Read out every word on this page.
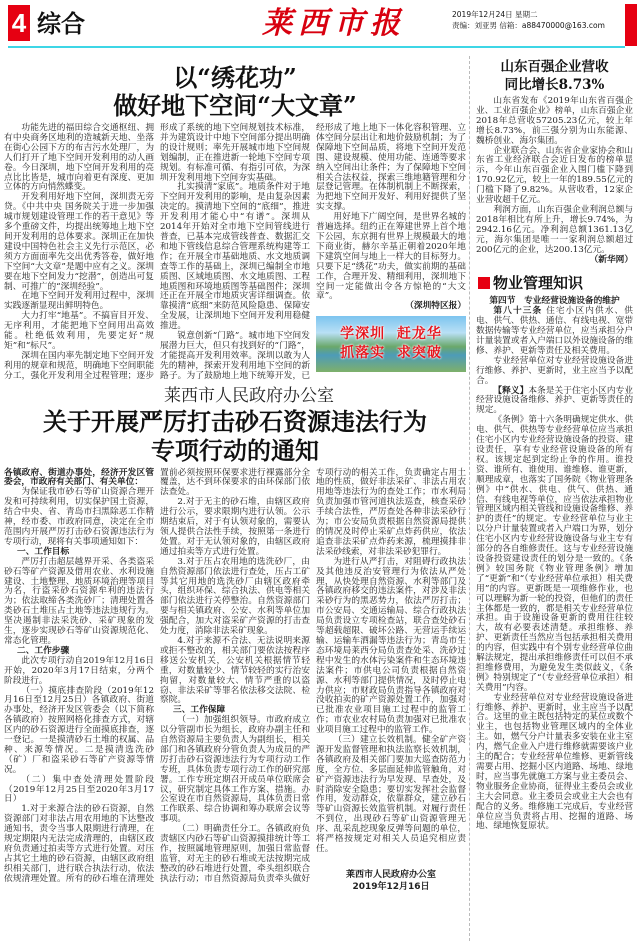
4 综合	莱西市报	2019年12月24日 星期二
责编：刘亚男 信箱：a88470000@163.com
以“绣花功”
做好地下空间“大文章”

功能先进的福田综合交通枢纽、拥有中央商务区地利的造城新天地、坐落在街心公园下方的布吉污水处理厂，为人们打开了地下空间开发利用的动人画卷。今日深圳，地下空间开发利用的亮点比比皆是，城市向着更有深度、更加立体的方向悄然蝶变。

开发利用好地下空间，深圳责无旁贷。《中共中央 国务院关于进一步加强城市规划建设管理工作的若干意见》等多个重磅文件，均提出统筹地上地下空间开发利用的总体要求。深圳正在加快建设中国特色社会主义先行示范区，必须方方面面率先交出优秀答卷，做好地下空间“大文章”是题中应有之义。深圳要在地下空间发力“挖潜”，创造出可复制、可推广的“深圳经验”。

在地下空间开发利用过程中，深圳实践逐渐显现出鲜明特色。

大力打牢“地基”。不搞盲目开发、无序利用，才能把地下空间用出高效能。杜绝低效利用，先要定好“规矩”和“标尺”。

深圳在国内率先制定地下空间开发利用的规章和规范，明确地下空间职能分工，强化开发利用全过程管理；逐步形成了系统的地下空间规划技术标准，并为建筑设计中地下空间部分提出明确的设计规则；率先开展城市地下空间规划编制，正在推进新一轮地下空间专项规划。有标准可循、有指引可依，为深圳开发利用地下空间夯实基础。

扎实摸清“家底”。地质条件对于地下空间开发利用的影响，是由复杂因素决定的。摸清地下空间的“底细”，推进开发利用才能心中“有谱”。深圳从2014年开始对全市地下空间管线进行普查，已基本完成管线普查、数据汇交和地下管线信息综合管理系统构建等工作；在开展全市基础地质、水文地质调查等工作的基础上，深圳已编制全市地质图、区域地质图、水文地质图、工程地质图和环境地质图等基础图件；深圳还正在开展全市地质灾害详细调查。依靠摸清“底细”来防范风险隐患、保障安全发展，让深圳地下空间开发利用稳健推进。

锐意创新“门路”。城市地下空间发展潜力巨大，但只有找到好的“门路”，才能提高开发利用效率。深圳以敢为人先的精神，探索开发利用地下空间的新路子。为了鼓励地上地下统筹开发，已经形成了地上地下一体化容积管理、立体空间分层出让和地价鼓励机制；为了保障地下空间品质，将地下空间开发范围、建设规模、使用功能、连通等要求纳入空间出让条件；为了保障地下空间相关合法权益，探索三维地籍管理和分层登记管理。在体制机制上不断探索，为把地下空间开发好、利用好提供了坚实支撑。

用好地下广阔空间，是世界名城的普遍选择。纽约正在筹建世界上首个地下公园，东京拥有世界上规模最大的地下商业街，赫尔辛基正朝着2020年地下建筑空间与地上一样大的目标努力。只要下足“绣花”功夫，做实前期的基础工作，合理开发、精细利用，深圳地下空间一定能做出令各方惊艳的“大文章”。

（深圳特区报）

学深圳  赶龙华
抓落实  求突破
莱西市人民政府办公室
关于开展严厉打击砂石资源违法行为
专项行动的通知

各镇政府、街道办事处，经济开发区管委会，市政府有关部门、有关单位：

为保证我市砂石等矿山资源合理开发和可持续利用，切实保护国土资源，结合中央、省、青岛市扫黑除恶工作精神，经市委、市政府同意，决定在全市范围内开展严厉打击砂石资源违法行为专项行动，现将有关事项通知如下：

一、工作目标

严厉打击超层越界开采、各类盗采砂石等矿产资源及借用农业、水利设施建设、土地整理、地质环境治理等项目为名，行盗采砂石资源牟利的违法行为；依法取缔各类洗砂厂；清理处置各类砂石土堆压占土地等违法违规行为。坚决遏制非法采洗砂、采矿现象的发生，逐步实现砂石等矿山资源规范化、常态化管理。

二、工作步骤

此次专项行动自2019年12月16日开始，2020年3月17日结束，分两个阶段进行。

（一）摸底排查阶段（2019年12月16日至12月25日）各镇政府、街道办事处，经济开发区管委会（以下简称各镇政府）按照网格化排查方式，对辖区内的砂石资源进行全面摸底排查，逐一登记。一是摸清砂石土堆的权属、品种、来源等情况。二是摸清选洗砂（矿）厂和盗采砂石等矿产资源等情况。

（二）集中查处清理处置阶段（2019年12月25日至2020年3月17日）

1.对于来源合法的砂石资源，自然资源部门对非法占用农用地的下达整改通知书，责令当事人限期进行清理，在规定期限内无法完成清理的，由辖区政府负责通过拍卖等方式进行处置。对压占其它土地的砂石资源，由辖区政府组织相关部门，进行联合执法行动，依法依规清理处置。所有的砂石堆在清理处置前必须按照环保要求进行裸露部分全覆盖，达不到环保要求的由环保部门依法查处。

2.对于无主的砂石堆，由辖区政府进行公示，要求限期内进行认领。公示期结束后，对于有认领对象的，需要认领人提供合法性手续，按照第一条进行处置。对于无认领对象的，由辖区政府通过拍卖等方式进行处置。

3.对于压占农用地的选洗砂厂，由自然资源部门依法进行查处，压占工矿等其它用地的选洗砂厂由辖区政府牵头，组织环保、综合执法、供电等相关部门依法进行关停整治。自然资源部门要与相关镇政府、公安、水利等单位加强配合，加大对盗采矿产资源的打击查处力度，消除非法采矿现象。

4.对于来源不合法、无法说明来源或拒不整改的，相关部门要依法按程序移送公安机关，公安机关根据情节轻重，对数量较少、情节较轻的实行治安拘留，对数量较大、情节严重的以盗窃、非法采矿等罪名依法移交法院、检察院。

三、工作保障

（一）加强组织领导。市政府成立以分管副市长为组长，政府办副主任和自然资源局主要负责人为副组长，相关部门和各镇政府分管负责人为成员的严厉打击砂石资源违法行为专项行动工作专班，具体负责专项行动工作的研究部署。工作专班定期召开成员单位联席会议，研究制定具体工作方案、措施。办公室设在市自然资源局，具体负责日常工作联系、综合协调和筹办联席会议等事项。

（二）明确责任分工。各镇政府负责辖区内砂石等矿山资源摸排统计等工作，按照属地管理原则，加强日常监督监管，对无主的砂石堆或无法按期完成整改的砂石堆进行处置，牵头组织联合执法行动；市自然资源局负责牵头做好专项行动的相关工作，负责确定占用土地的性质，做好非法采矿、非法占用农用地等违法行为的查处工作；市水利局负责加强市管河道执法巡查，核查采砂手续合法性，严厉查处各种非法采砂行为；市公安局负责根据自然资源局提供的情况及时停止采矿点炸药供应，依法追查非法采矿点炸药来源，梳理摸排非法采砂线索，对非法采砂犯罪行。

为进行从严打击，对阻碍行政执法及其他违反治安管理行为依法从严处理，从快处理自然资源、水利等部门及各镇政府移交的违法案件，对涉及非法采砂行为的黑恶势力，依法严厉打击；市公安局、交通运输局、综合行政执法局负责设立专项检查站，联合查处砂石等超载超限、破坏公路、无营运手续运输、运输车洒漏等违法行为；青岛市生态环境局莱西分局负责查处采、洗砂过程中发生的水体污染案件和生态环境违法案件；市供电公司负责根据自然资源、水利等部门提供情况，及时停止电力供应；市财政局负责指导各镇政府对没收拍卖的矿产资源处置工作，加强对已批准农业项目施工过程中的监管工作；市农业农村局负责加强对已批准农业项目施工过程中的监管工作。

（三）建立长效机制。健全矿产资源开发监督管理和执法监察长效机制，各镇政府及相关部门要加大巡查防范力度，全方位、多层面延伸监管触角，对矿产资源违法行为早发现、早查处，及时消除安全隐患；要切实发挥社会监督作用，发动群众，依靠群众，建立砂石等矿山资源长效监管机制。对履行责任不到位，出现砂石等矿山资源管理无序、乱采乱挖现象反弹等问题的单位，将严格按规定对相关人员追究相应责任。

莱西市人民政府办公室
2019年12月16日
山东百强企业营收
同比增长8.73%

山东省发布《2019年山东省百强企业、工业百强企业》榜单，山东百强企业2018年总营收57205.23亿元，较上年增长8.73%，前三强分别为山东能源、魏桥创业、海尔集团。

企业联合会、山东省企业家协会和山东省工业经济联合会近日发布的榜单显示，今年山东百强企业入围门槛下降到170.92亿元，较上一年的189.55亿元的门槛下降了9.82%。从营收看，12家企业营收超千亿元。

利润方面，山东百强企业利润总额与2018年相比有所上升，增长9.74%，为2942.16亿元。净利润总额1361.13亿元，海尔集团是唯一一家利润总额超过200亿元的企业，达200.13亿元。

（新华网）

物业管理知识

第四节　专业经营设施设备的维护

第八十三条 住宅小区内供水、供电、供气、供热、通信、有线电视、宽带数据传输等专业经营单位，应当承担分户计量装置或者入户端口以外设施设备的维修、养护、更新等责任及相关费用。

专业经营单位对专业经营设施设备进行维修、养护、更新时，业主应当予以配合。

【释义】本条是关于住宅小区内专业经营设施设备维修、养护、更新等责任的规定。

《条例》第十六条明确规定供水、供电、供气、供热等专业经营单位应当承担住宅小区内专业经营设施设备的投资、建设责任，享有专业经营设施设备的所有权。该规定起到定纷止争的作用。谁投资、谁所有、谁使用、谁维修、谁更新，顺理成章，也落实了国务院《物业管理条例》中“供水、供电、供气、供热、通信、有线电视等单位，应当依法承担物业管理区域内相关管线和设施设备维修、养护的责任”的规定。专业经营单位与业主以分户计量装置或者入户端口为界，划分住宅小区内专业经营设施设备与业主专有部分的各自维修责任。这与专业经营设施设备投资建设责任的划分是一致的。《条例》较国务院《物业管理条例》增加了“更新”和“（专业经营单位承担）相关费用”的内容。更新既是一项维修作业，也可以理解为新一轮的投资，但他们的责任主体都是一致的，都是相关专业经营单位承担。由于设施设备更新的费用往往较大，故有必要表述清楚。承担维修、养护、更新责任当然应当包括承担相关费用的内容，但实践中有个别专业经营单位曲解法规定，提出承担维修责任可以但不承担维修费用，为避免发生类似歧义，《条例》特别规定了“（专业经营单位承担）相关费用”内容。

专业经营单位对专业经营设施设备进行维修、养护、更新时，业主应当予以配合。这里的业主既包括特定的某位或数个业主，也包括物业管理区域内的全体业主。如，燃气分户计量表多安装在业主室内，燃气企业入户进行维修就需要该户业主的配合；专业经营单位维修、更新管线需要占用、挖掘小区内道路、场地、绿地时，应当事先就施工方案与业主委员会、物业服务企业协商，征得业主委员会或业主大会同意。业主委员会或业主大会也有配合的义务。维修施工完成后，专业经营单位应当负责将占用、挖掘的道路、场地、绿地恢复原状。
